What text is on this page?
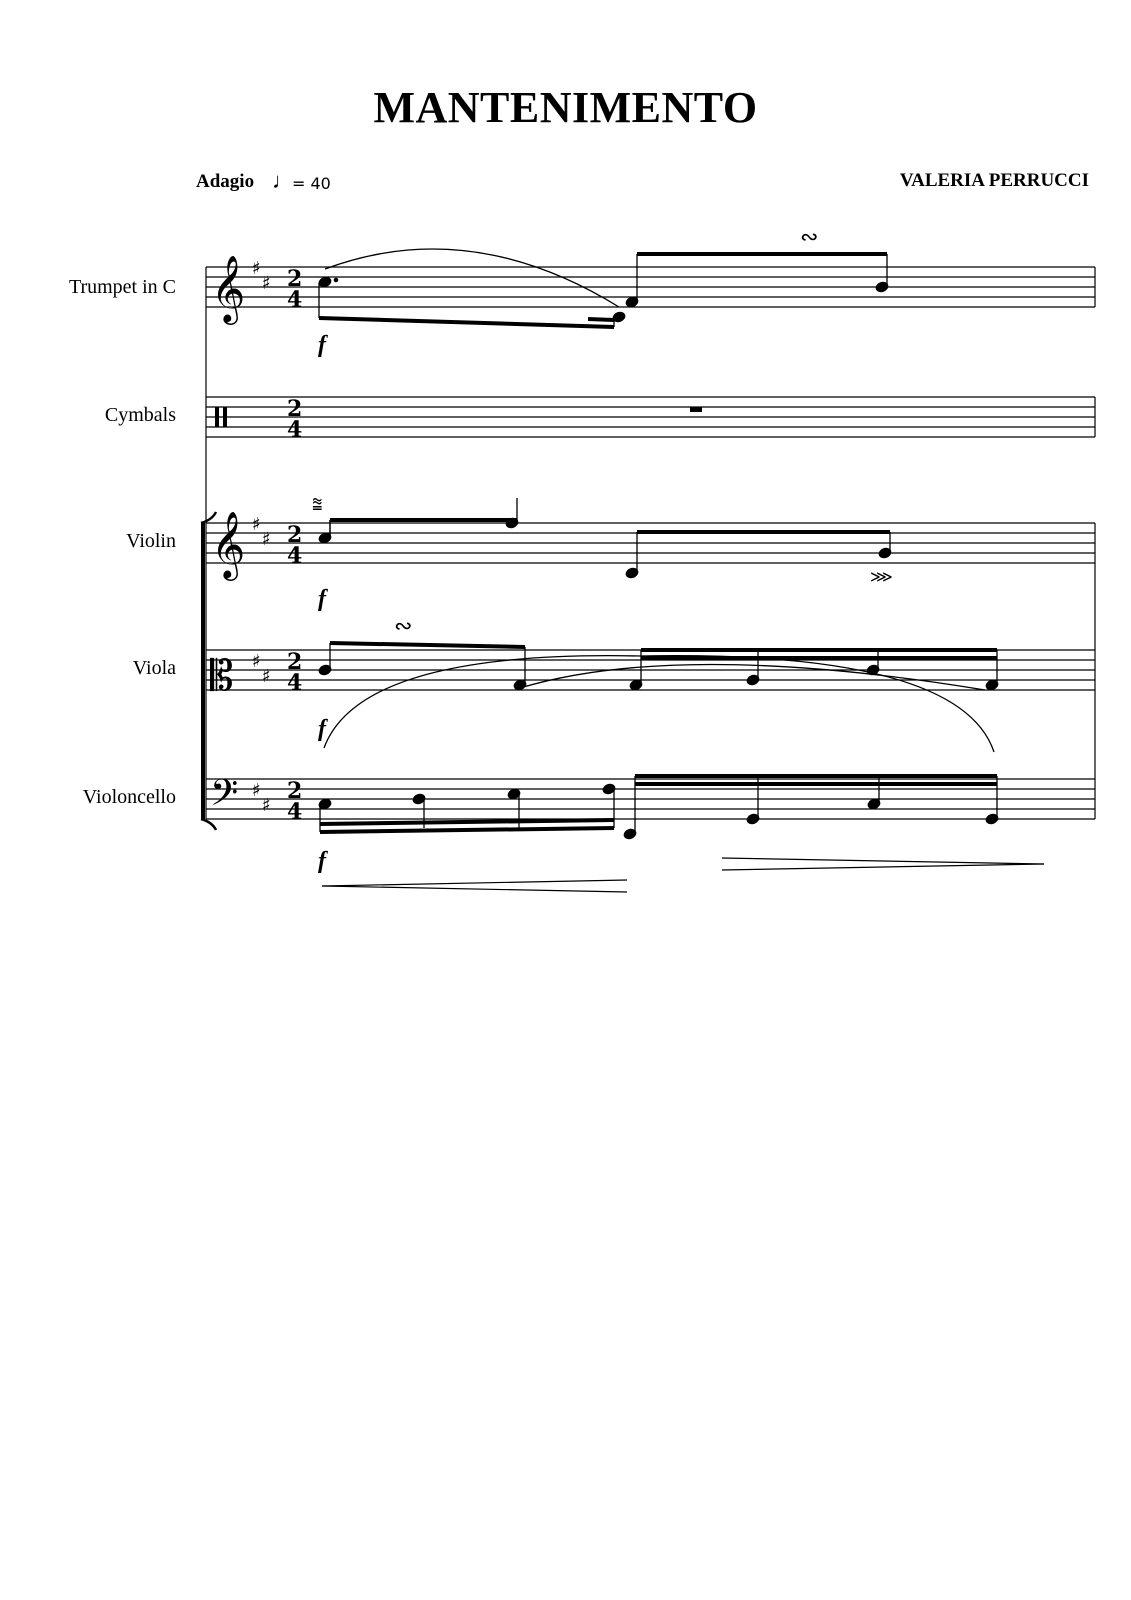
MANTENIMENTO
Adagio ♩
= 40	VALERIA PERRUCCI
Trumpet in C
Cymbals
Violin
Viola
Violoncello
𝄞
𝄞
𝄡
𝄢
♯
♯
♯
♯
♯
♯
♯
♯
2
4
2
4
2
4
2
4
2
4
∾
f
⩰
⋙
f
∾
f
f
